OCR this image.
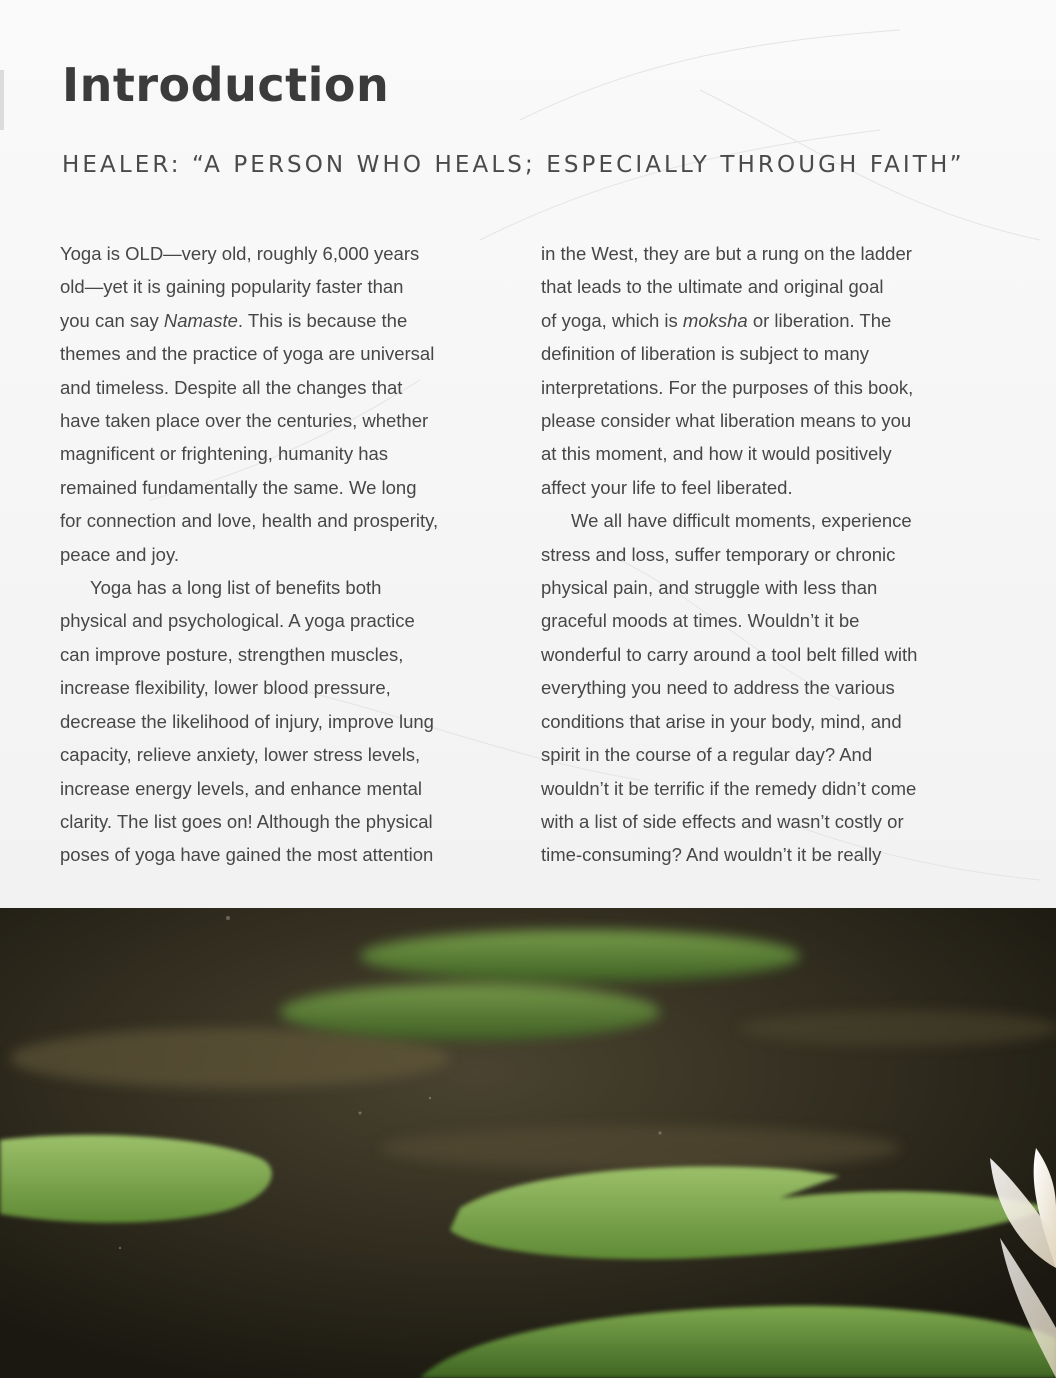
Introduction
HEALER: “A PERSON WHO HEALS; ESPECIALLY THROUGH FAITH”
Yoga is OLD—very old, roughly 6,000 years
old—yet it is gaining popularity faster than
you can say Namaste. This is because the
themes and the practice of yoga are universal
and timeless. Despite all the changes that
have taken place over the centuries, whether
magnificent or frightening, humanity has
remained fundamentally the same. We long
for connection and love, health and prosperity,
peace and joy.
Yoga has a long list of benefits both
physical and psychological. A yoga practice
can improve posture, strengthen muscles,
increase flexibility, lower blood pressure,
decrease the likelihood of injury, improve lung
capacity, relieve anxiety, lower stress levels,
increase energy levels, and enhance mental
clarity. The list goes on! Although the physical
poses of yoga have gained the most attention
in the West, they are but a rung on the ladder
that leads to the ultimate and original goal
of yoga, which is moksha or liberation. The
definition of liberation is subject to many
interpretations. For the purposes of this book,
please consider what liberation means to you
at this moment, and how it would positively
affect your life to feel liberated.
We all have difficult moments, experience
stress and loss, suffer temporary or chronic
physical pain, and struggle with less than
graceful moods at times. Wouldn’t it be
wonderful to carry around a tool belt filled with
everything you need to address the various
conditions that arise in your body, mind, and
spirit in the course of a regular day? And
wouldn’t it be terrific if the remedy didn’t come
with a list of side effects and wasn’t costly or
time-consuming? And wouldn’t it be really
